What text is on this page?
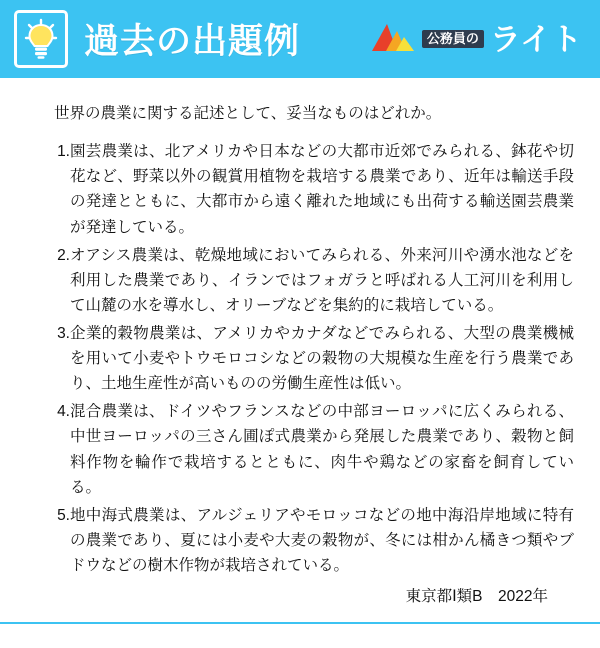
過去の出題例	公務員の ライト

世界の農業に関する記述として、妥当なものはどれか。

1. 園芸農業は、北アメリカや日本などの大都市近郊でみられる、鉢花や切花など、野菜以外の観賞用植物を栽培する農業であり、近年は輸送手段の発達とともに、大都市から遠く離れた地域にも出荷する輸送園芸農業が発達している。
2. オアシス農業は、乾燥地域においてみられる、外来河川や湧水池などを利用した農業であり、イランではフォガラと呼ばれる人工河川を利用して山麓の水を導水し、オリーブなどを集約的に栽培している。
3. 企業的穀物農業は、アメリカやカナダなどでみられる、大型の農業機械を用いて小麦やトウモロコシなどの穀物の大規模な生産を行う農業であり、土地生産性が高いものの労働生産性は低い。
4. 混合農業は、ドイツやフランスなどの中部ヨーロッパに広くみられる、中世ヨーロッパの三さん圃ぽ式農業から発展した農業であり、穀物と飼料作物を輪作で栽培するとともに、肉牛や鶏などの家畜を飼育している。
5. 地中海式農業は、アルジェリアやモロッコなどの地中海沿岸地域に特有の農業であり、夏には小麦や大麦の穀物が、冬には柑かん橘きつ類やブドウなどの樹木作物が栽培されている。
東京都Ⅰ類B　2022年
